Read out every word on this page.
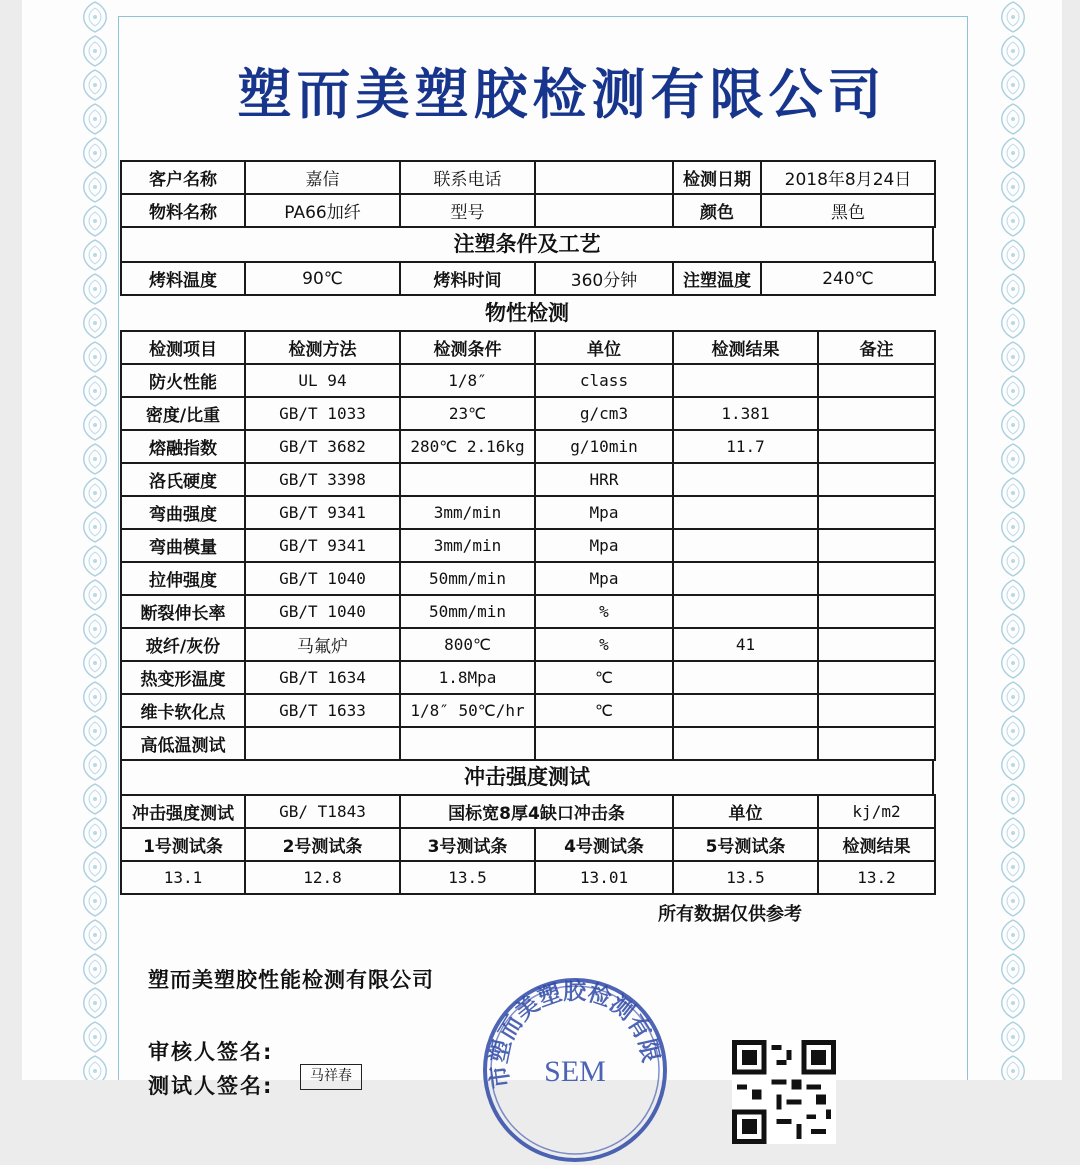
塑而美塑胶检测有限公司
客户名称	嘉信	联系电话		检测日期	2018年8月24日
物料名称	PA66加纤	型号		颜色	黑色
注塑条件及工艺
烤料温度	90℃	烤料时间	360分钟	注塑温度	240℃
物性检测
检测项目	检测方法	检测条件	单位	检测结果	备注
防火性能	UL 94	1/8″	class		
密度/比重	GB/T 1033	23℃	g/cm3	1.381	
熔融指数	GB/T 3682	280℃ 2.16kg	g/10min	11.7	
洛氏硬度	GB/T 3398		HRR		
弯曲强度	GB/T 9341	3mm/min	Mpa		
弯曲模量	GB/T 9341	3mm/min	Mpa		
拉伸强度	GB/T 1040	50mm/min	Mpa		
断裂伸长率	GB/T 1040	50mm/min	%		
玻纤/灰份	马氟炉	800℃	%	41	
热变形温度	GB/T 1634	1.8Mpa	℃		
维卡软化点	GB/T 1633	1/8″ 50℃/hr	℃		
高低温测试					
冲击强度测试
冲击强度测试	GB/ T1843	国标宽8厚4缺口冲击条		单位	kj/m2
1号测试条	2号测试条	3号测试条	4号测试条	5号测试条	检测结果
13.1	12.8	13.5	13.01	13.5	13.2
所有数据仅供参考
塑而美塑胶性能检测有限公司
市塑而美塑胶检测有限
SEM
审核人签名:
测试人签名:	马祥春
